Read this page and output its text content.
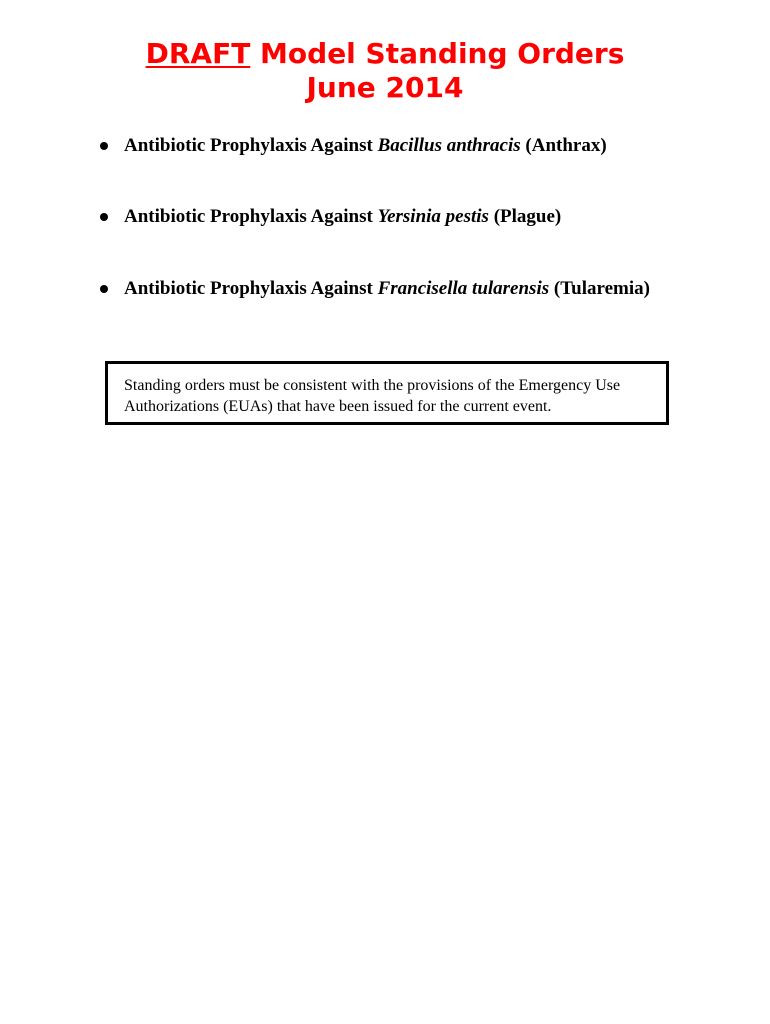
DRAFT Model Standing Orders
June 2014
Antibiotic Prophylaxis Against Bacillus anthracis (Anthrax)
Antibiotic Prophylaxis Against Yersinia pestis (Plague)
Antibiotic Prophylaxis Against Francisella tularensis (Tularemia)

Standing orders must be consistent with the provisions of the Emergency Use Authorizations (EUAs) that have been issued for the current event.
